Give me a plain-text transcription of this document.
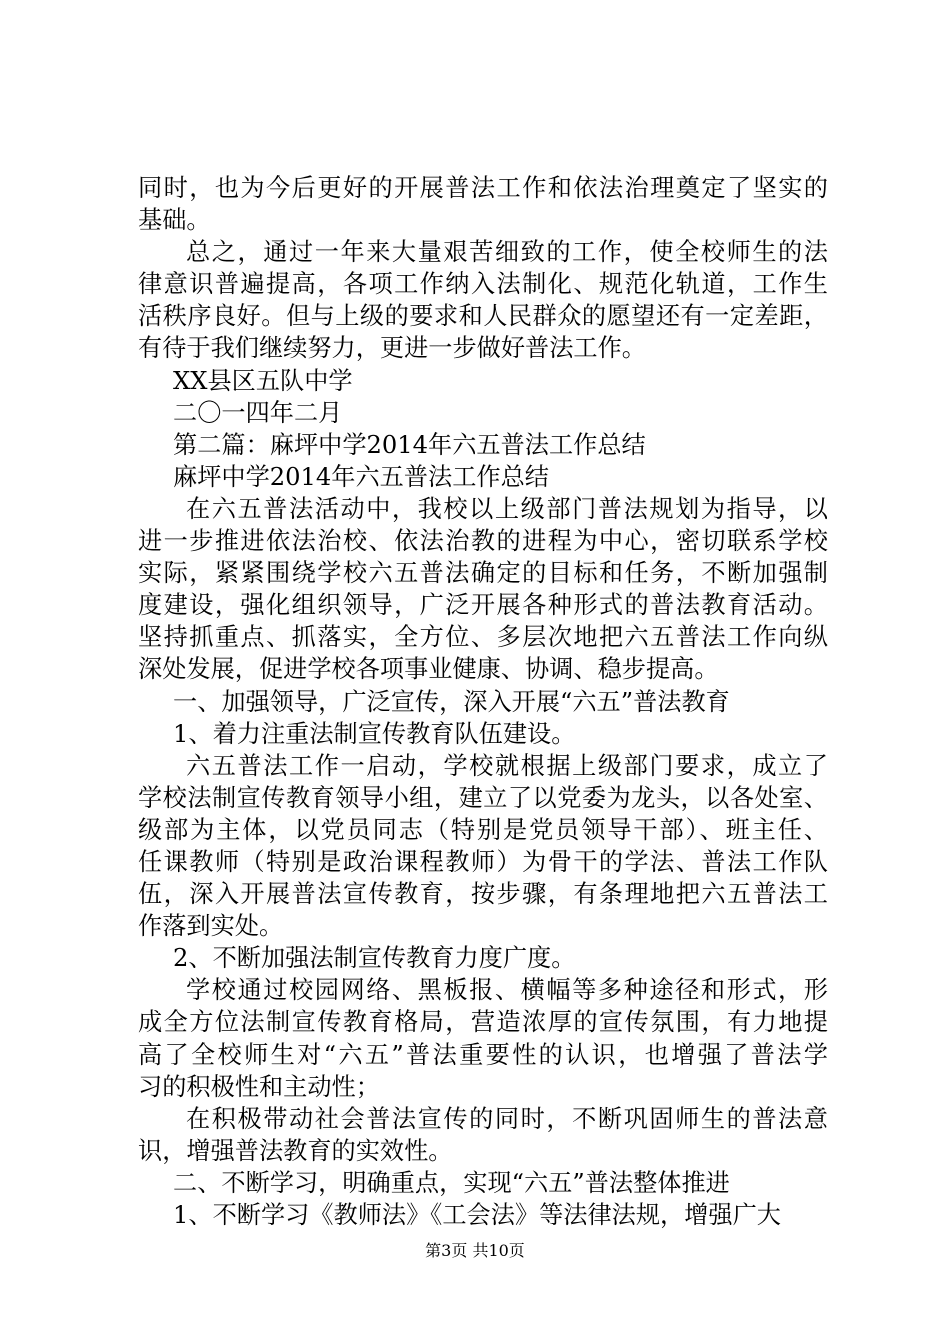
同时，也为今后更好的开展普法工作和依法治理奠定了坚实的
基础。
总之，通过一年来大量艰苦细致的工作，使全校师生的法
律意识普遍提高，各项工作纳入法制化、规范化轨道，工作生
活秩序良好。但与上级的要求和人民群众的愿望还有一定差距，
有待于我们继续努力，更进一步做好普法工作。
XX县区五队中学
二〇一四年二月
第二篇：麻坪中学2014年六五普法工作总结
麻坪中学2014年六五普法工作总结
在六五普法活动中，我校以上级部门普法规划为指导，以
进一步推进依法治校、依法治教的进程为中心，密切联系学校
实际，紧紧围绕学校六五普法确定的目标和任务，不断加强制
度建设，强化组织领导，广泛开展各种形式的普法教育活动。
坚持抓重点、抓落实，全方位、多层次地把六五普法工作向纵
深处发展，促进学校各项事业健康、协调、稳步提高。
一、加强领导，广泛宣传，深入开展“六五”普法教育
1、着力注重法制宣传教育队伍建设。
六五普法工作一启动，学校就根据上级部门要求，成立了
学校法制宣传教育领导小组，建立了以党委为龙头，以各处室、
级部为主体，以党员同志（特别是党员领导干部）、班主任、
任课教师（特别是政治课程教师）为骨干的学法、普法工作队
伍，深入开展普法宣传教育，按步骤，有条理地把六五普法工
作落到实处。
2、不断加强法制宣传教育力度广度。
学校通过校园网络、黑板报、横幅等多种途径和形式，形
成全方位法制宣传教育格局，营造浓厚的宣传氛围，有力地提
高了全校师生对“六五”普法重要性的认识，也增强了普法学
习的积极性和主动性；
在积极带动社会普法宣传的同时，不断巩固师生的普法意
识，增强普法教育的实效性。
二、不断学习，明确重点，实现“六五”普法整体推进
1、不断学习《教师法》《工会法》等法律法规，增强广大
第3页 共10页
